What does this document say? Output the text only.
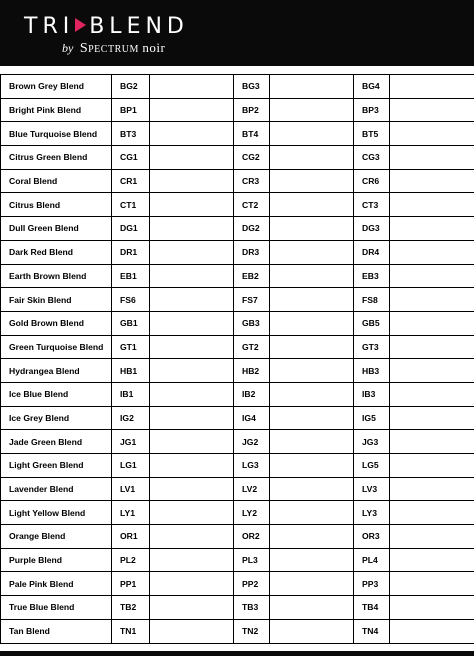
TRI BLEND
by Spectrum noir
Brown Grey Blend	BG2		BG3		BG4	
Bright Pink Blend	BP1		BP2		BP3	
Blue Turquoise Blend	BT3		BT4		BT5	
Citrus Green Blend	CG1		CG2		CG3	
Coral Blend	CR1		CR3		CR6	
Citrus Blend	CT1		CT2		CT3	
Dull Green Blend	DG1		DG2		DG3	
Dark Red Blend	DR1		DR3		DR4	
Earth Brown Blend	EB1		EB2		EB3	
Fair Skin Blend	FS6		FS7		FS8	
Gold Brown Blend	GB1		GB3		GB5	
Green Turquoise Blend	GT1		GT2		GT3	
Hydrangea Blend	HB1		HB2		HB3	
Ice Blue Blend	IB1		IB2		IB3	
Ice Grey Blend	IG2		IG4		IG5	
Jade Green Blend	JG1		JG2		JG3	
Light Green Blend	LG1		LG3		LG5	
Lavender Blend	LV1		LV2		LV3	
Light Yellow Blend	LY1		LY2		LY3	
Orange Blend	OR1		OR2		OR3	
Purple Blend	PL2		PL3		PL4	
Pale Pink Blend	PP1		PP2		PP3	
True Blue Blend	TB2		TB3		TB4	
Tan Blend	TN1		TN2		TN4	
